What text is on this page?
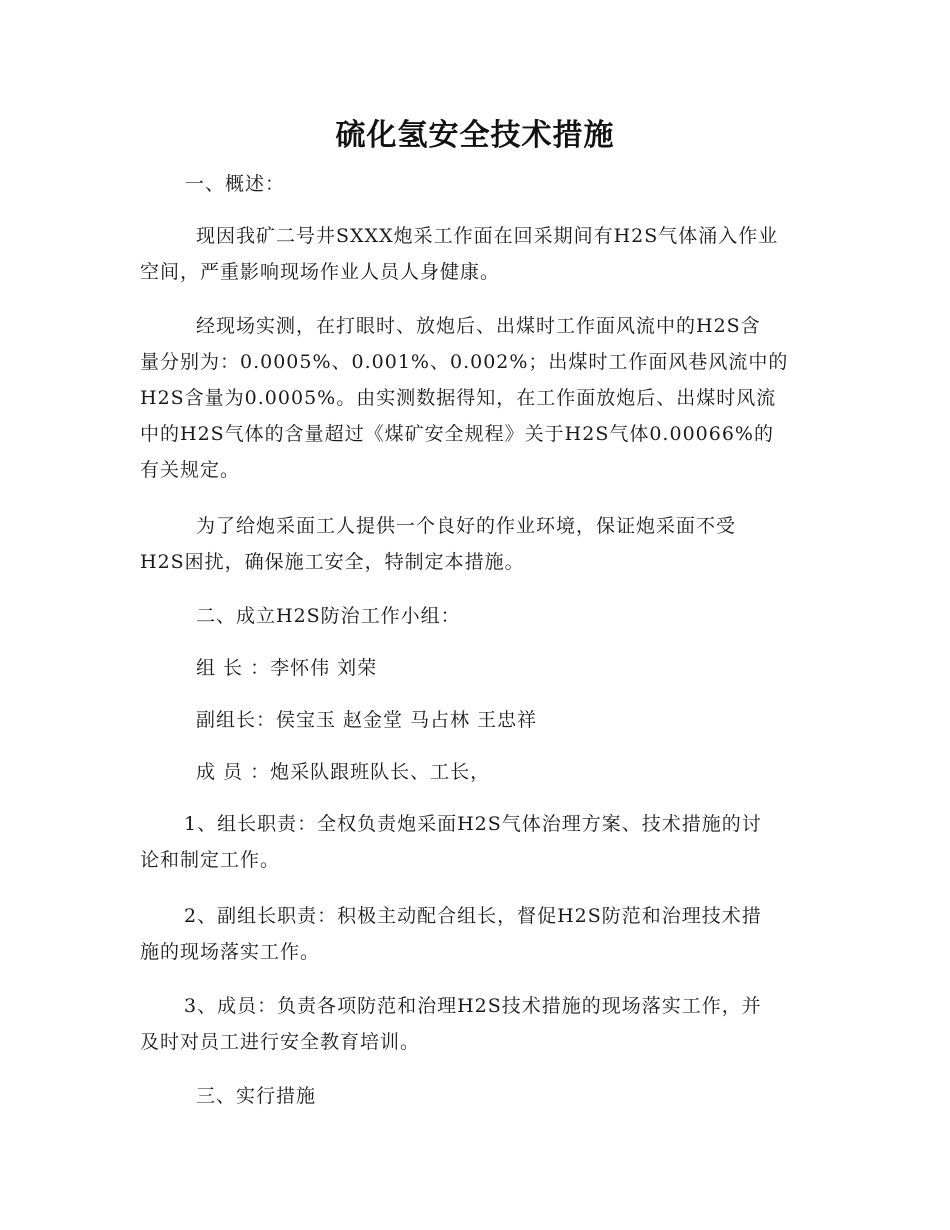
硫化氢安全技术措施
一、概述：
现因我矿二号井SXXX炮采工作面在回采期间有H2S气体涌入作业
空间，严重影响现场作业人员人身健康。
经现场实测，在打眼时、放炮后、出煤时工作面风流中的H2S含
量分别为：0.0005%、0.001%、0.002%；出煤时工作面风巷风流中的
H2S含量为0.0005%。由实测数据得知，在工作面放炮后、出煤时风流
中的H2S气体的含量超过《煤矿安全规程》关于H2S气体0.00066%的
有关规定。
为了给炮采面工人提供一个良好的作业环境，保证炮采面不受
H2S困扰，确保施工安全，特制定本措施。
二、成立H2S防治工作小组：
组 长 ：李怀伟 刘荣
副组长：侯宝玉 赵金堂 马占林 王忠祥
成 员 ：炮采队跟班队长、工长，
1、组长职责：全权负责炮采面H2S气体治理方案、技术措施的讨
论和制定工作。
2、副组长职责：积极主动配合组长，督促H2S防范和治理技术措
施的现场落实工作。
3、成员：负责各项防范和治理H2S技术措施的现场落实工作，并
及时对员工进行安全教育培训。
三、实行措施
